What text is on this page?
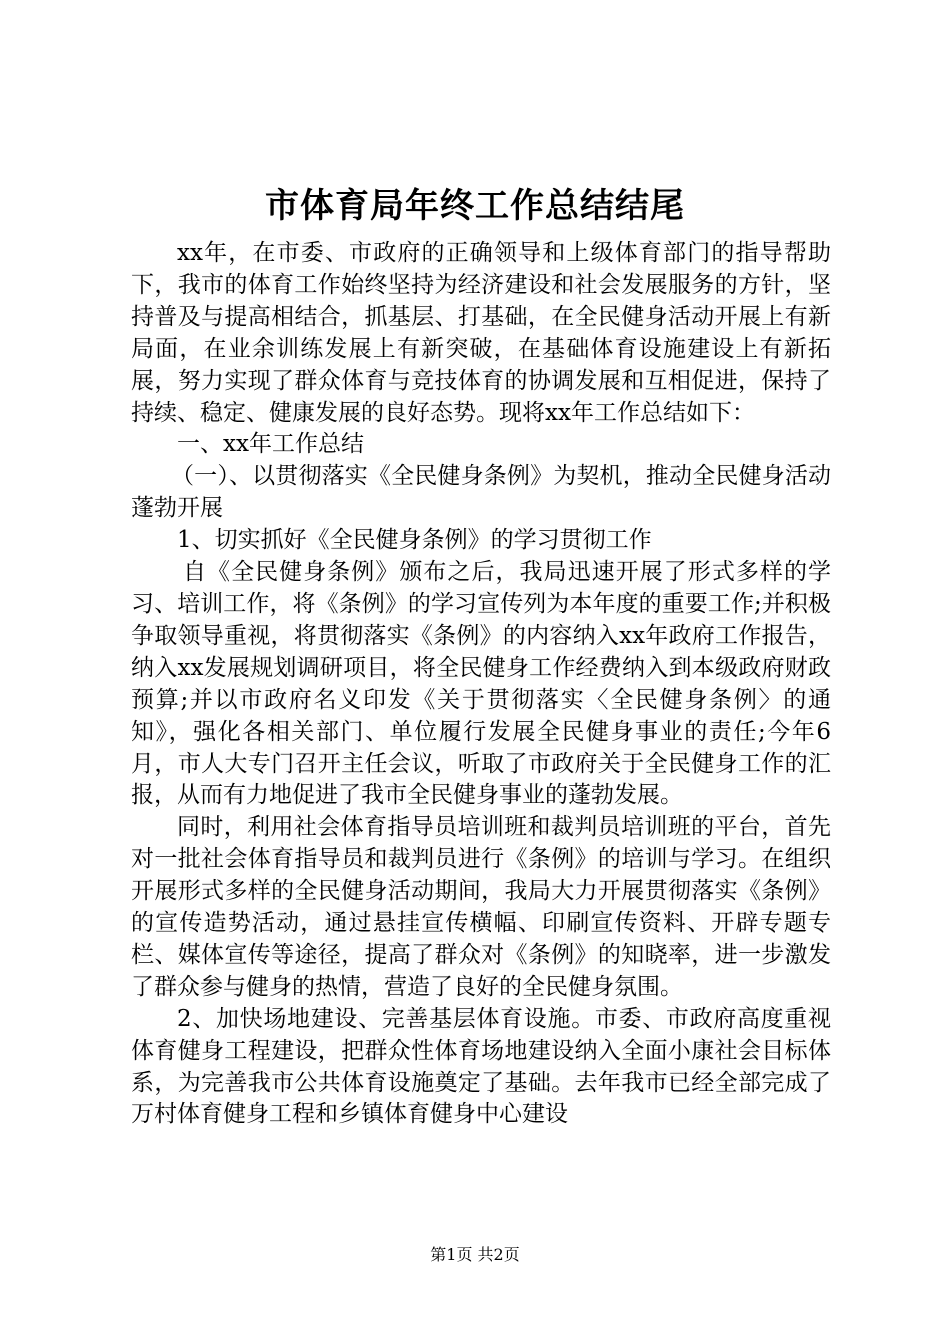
市体育局年终工作总结结尾

xx年，在市委、市政府的正确领导和上级体育部门的指导帮助下，我市的体育工作始终坚持为经济建设和社会发展服务的方针，坚持普及与提高相结合，抓基层、打基础，在全民健身活动开展上有新局面，在业余训练发展上有新突破，在基础体育设施建设上有新拓展，努力实现了群众体育与竞技体育的协调发展和互相促进，保持了持续、稳定、健康发展的良好态势。现将xx年工作总结如下：

一、xx年工作总结

（一）、以贯彻落实《全民健身条例》为契机，推动全民健身活动蓬勃开展

1、切实抓好《全民健身条例》的学习贯彻工作

自《全民健身条例》颁布之后，我局迅速开展了形式多样的学习、培训工作，将《条例》的学习宣传列为本年度的重要工作;并积极争取领导重视，将贯彻落实《条例》的内容纳入xx年政府工作报告，纳入xx发展规划调研项目，将全民健身工作经费纳入到本级政府财政预算;并以市政府名义印发《关于贯彻落实〈全民健身条例〉的通知》，强化各相关部门、单位履行发展全民健身事业的责任;今年6月，市人大专门召开主任会议，听取了市政府关于全民健身工作的汇报，从而有力地促进了我市全民健身事业的蓬勃发展。

同时，利用社会体育指导员培训班和裁判员培训班的平台，首先对一批社会体育指导员和裁判员进行《条例》的培训与学习。在组织开展形式多样的全民健身活动期间，我局大力开展贯彻落实《条例》的宣传造势活动，通过悬挂宣传横幅、印刷宣传资料、开辟专题专栏、媒体宣传等途径，提高了群众对《条例》的知晓率，进一步激发了群众参与健身的热情，营造了良好的全民健身氛围。

2、加快场地建设、完善基层体育设施。市委、市政府高度重视体育健身工程建设，把群众性体育场地建设纳入全面小康社会目标体系，为完善我市公共体育设施奠定了基础。去年我市已经全部完成了万村体育健身工程和乡镇体育健身中心建设

第1页 共2页
